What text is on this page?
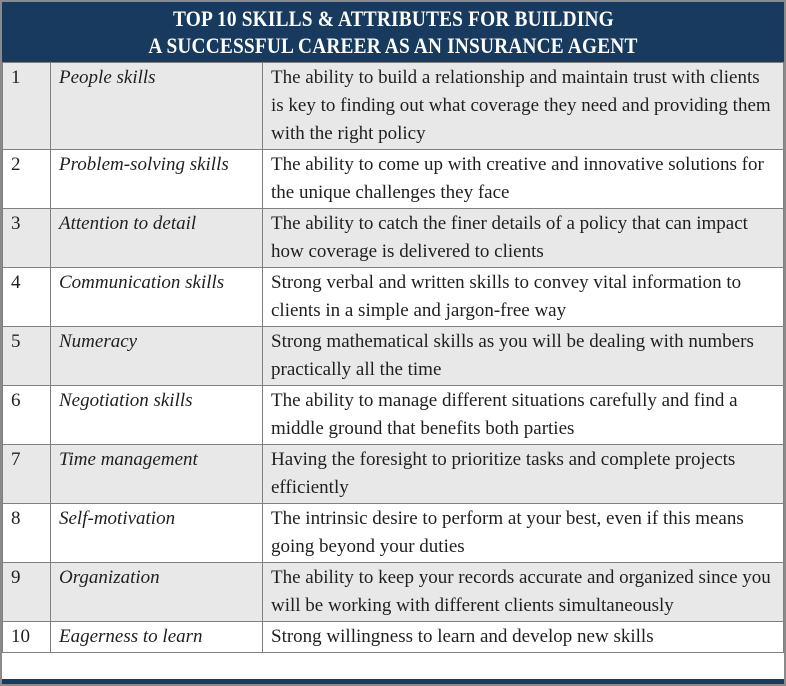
TOP 10 SKILLS & ATTRIBUTES FOR BUILDING
A SUCCESSFUL CAREER AS AN INSURANCE AGENT
1	People skills	The ability to build a relationship and maintain trust with clients is key to finding out what coverage they need and providing them with the right policy
2	Problem-solving skills	The ability to come up with creative and innovative solutions for the unique challenges they face
3	Attention to detail	The ability to catch the finer details of a policy that can impact how coverage is delivered to clients
4	Communication skills	Strong verbal and written skills to convey vital information to clients in a simple and jargon-free way
5	Numeracy	Strong mathematical skills as you will be dealing with numbers practically all the time
6	Negotiation skills	The ability to manage different situations carefully and find a middle ground that benefits both parties
7	Time management	Having the foresight to prioritize tasks and complete projects efficiently
8	Self-motivation	The intrinsic desire to perform at your best, even if this means going beyond your duties
9	Organization	The ability to keep your records accurate and organized since you will be working with different clients simultaneously
10	Eagerness to learn	Strong willingness to learn and develop new skills
